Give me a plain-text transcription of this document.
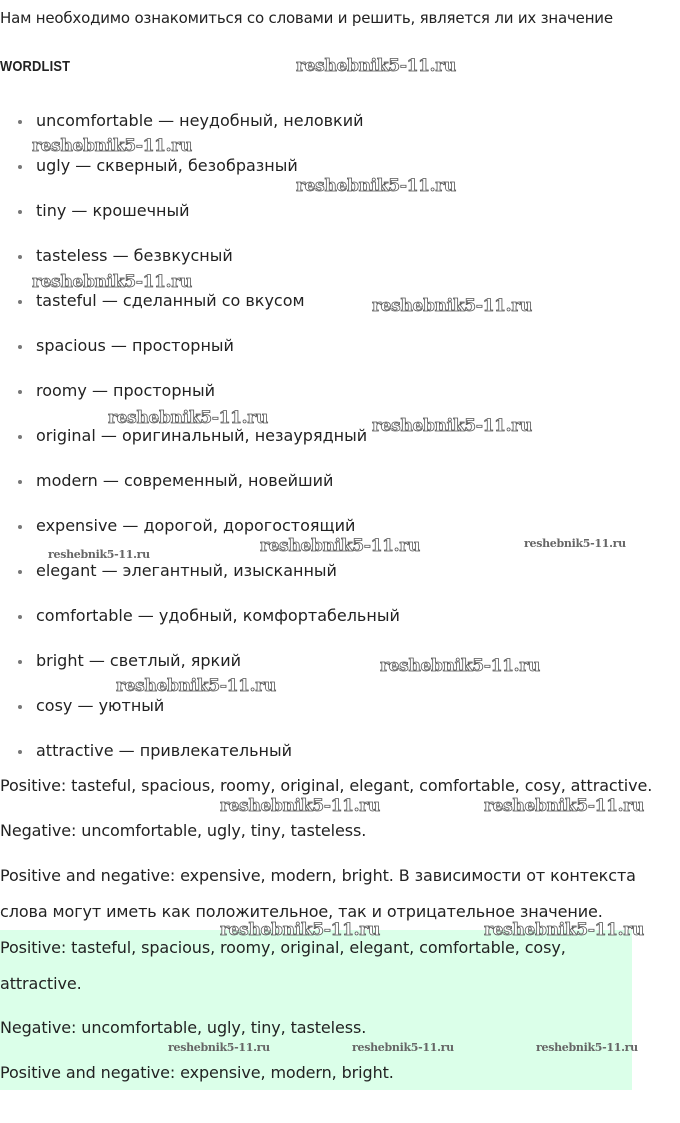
Нам необходимо ознакомиться со словами и решить, является ли их значение
WORDLIST
uncomfortable — неудобный, неловкий
ugly — скверный, безобразный
tiny — крошечный
tasteless — безвкусный
tasteful — сделанный со вкусом
spacious — просторный
roomy — просторный
original — оригинальный, незаурядный
modern — современный, новейший
expensive — дорогой, дорогостоящий
elegant — элегантный, изысканный
comfortable — удобный, комфортабельный
bright — светлый, яркий
cosy — уютный
attractive — привлекательный
Positive: tasteful, spacious, roomy, original, elegant, comfortable, cosy, attractive.
Negative: uncomfortable, ugly, tiny, tasteless.
Positive and negative: expensive, modern, bright. В зависимости от контекста слова могут иметь как положительное, так и отрицательное значение.
Positive: tasteful, spacious, roomy, original, elegant, comfortable, cosy, attractive.
Negative: uncomfortable, ugly, tiny, tasteless.
Positive and negative: expensive, modern, bright.
reshebnik5-11.ru
reshebnik5-11.ru
reshebnik5-11.ru
reshebnik5-11.ru
reshebnik5-11.ru
reshebnik5-11.ru	reshebnik5-11.ru
reshebnik5-11.ru
reshebnik5-11.ru
reshebnik5-11.ru
reshebnik5-11.ru
reshebnik5-11.ru
reshebnik5-11.ru	reshebnik5-11.ru
reshebnik5-11.ru	reshebnik5-11.ru
reshebnik5-11.ru	reshebnik5-11.ru	reshebnik5-11.ru
